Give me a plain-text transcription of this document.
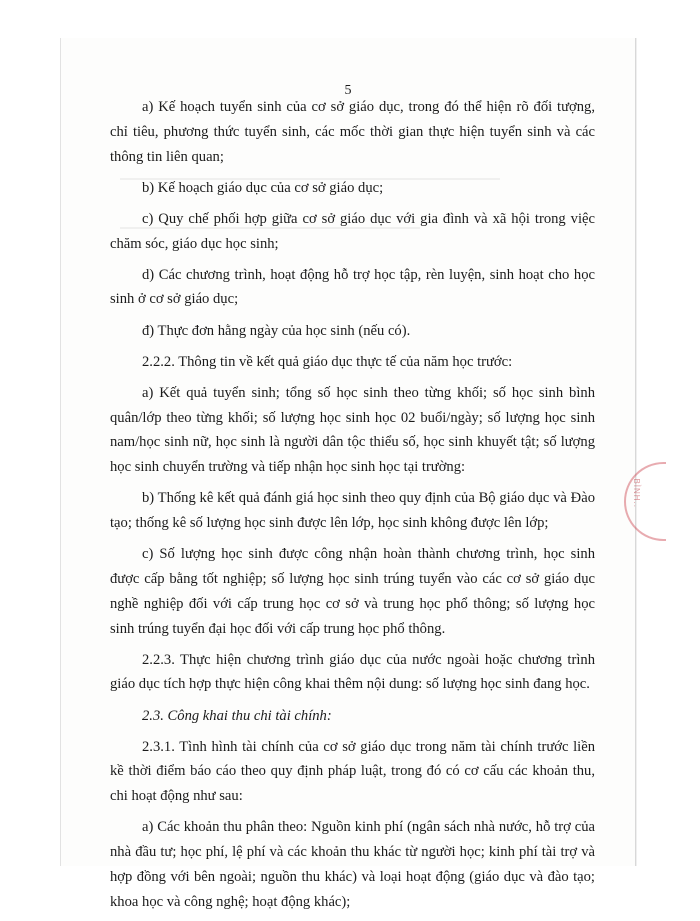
5

a) Kế hoạch tuyển sinh của cơ sở giáo dục, trong đó thể hiện rõ đối tượng, chỉ tiêu, phương thức tuyển sinh, các mốc thời gian thực hiện tuyển sinh và các thông tin liên quan;

b) Kế hoạch giáo dục của cơ sở giáo dục;

c) Quy chế phối hợp giữa cơ sở giáo dục với gia đình và xã hội trong việc chăm sóc, giáo dục học sinh;

d) Các chương trình, hoạt động hỗ trợ học tập, rèn luyện, sinh hoạt cho học sinh ở cơ sở giáo dục;

đ) Thực đơn hằng ngày của học sinh (nếu có).

2.2.2. Thông tin về kết quả giáo dục thực tế của năm học trước:

a) Kết quả tuyển sinh; tổng số học sinh theo từng khối; số học sinh bình quân/lớp theo từng khối; số lượng học sinh học 02 buổi/ngày; số lượng học sinh nam/học sinh nữ, học sinh là người dân tộc thiểu số, học sinh khuyết tật; số lượng học sinh chuyển trường và tiếp nhận học sinh học tại trường:

b) Thống kê kết quả đánh giá học sinh theo quy định của Bộ giáo dục và Đào tạo; thống kê số lượng học sinh được lên lớp, học sinh không được lên lớp;

c) Số lượng học sinh được công nhận hoàn thành chương trình, học sinh được cấp bằng tốt nghiệp; số lượng học sinh trúng tuyển vào các cơ sở giáo dục nghề nghiệp đối với cấp trung học cơ sở và trung học phổ thông; số lượng học sinh trúng tuyển đại học đối với cấp trung học phổ thông.

2.2.3. Thực hiện chương trình giáo dục của nước ngoài hoặc chương trình giáo dục tích hợp thực hiện công khai thêm nội dung: số lượng học sinh đang học.

2.3. Công khai thu chi tài chính:

2.3.1. Tình hình tài chính của cơ sở giáo dục trong năm tài chính trước liền kề thời điểm báo cáo theo quy định pháp luật, trong đó có cơ cấu các khoản thu, chi hoạt động như sau:

a) Các khoản thu phân theo: Nguồn kinh phí (ngân sách nhà nước, hỗ trợ của nhà đầu tư; học phí, lệ phí và các khoản thu khác từ người học; kinh phí tài trợ và hợp đồng với bên ngoài; nguồn thu khác) và loại hoạt động (giáo dục và đào tạo; khoa học và công nghệ; hoạt động khác);

..BÌNH..
